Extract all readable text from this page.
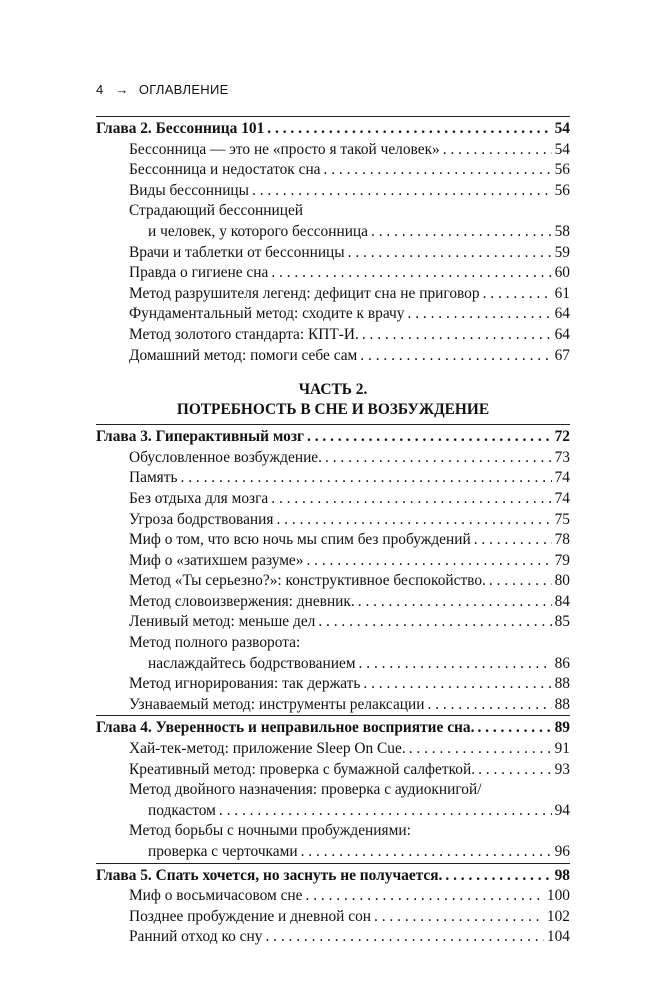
4 → ОГЛАВЛЕНИЕ
Глава 2. Бессонница 101 . . .	54
Бессонница — это не «просто я такой человек» . . .	54
Бессонница и недостаток сна . . .	56
Виды бессонницы . . .	56
Страдающий бессонницей
и человек, у которого бессонница . . .	58
Врачи и таблетки от бессонницы . . .	59
Правда о гигиене сна . . .	60
Метод разрушителя легенд: дефицит сна не приговор . . .	61
Фундаментальный метод: сходите к врачу . . .	64
Метод золотого стандарта: КПТ-И. . . .	64
Домашний метод: помоги себе сам . . .	67
ЧАСТЬ 2.
ПОТРЕБНОСТЬ В СНЕ И ВОЗБУЖДЕНИЕ
Глава 3. Гиперактивный мозг . . .	72
Обусловленное возбуждение. . . .	73
Память . . .	74
Без отдыха для мозга . . .	74
Угроза бодрствования . . .	75
Миф о том, что всю ночь мы спим без пробуждений . . .	78
Миф о «затихшем разуме» . . .	79
Метод «Ты серьезно?»: конструктивное беспокойство. . . .	80
Метод словоизвержения: дневник. . . .	84
Ленивый метод: меньше дел . . .	85
Метод полного разворота:
наслаждайтесь бодрствованием . . .	86
Метод игнорирования: так держать . . .	88
Узнаваемый метод: инструменты релаксации . . .	88
Глава 4. Уверенность и неправильное восприятие сна. . . .	89
Хай-тек-метод: приложение Sleep On Cue. . . .	91
Креативный метод: проверка с бумажной салфеткой. . . .	93
Метод двойного назначения: проверка с аудиокнигой/
подкастом . . .	94
Метод борьбы с ночными пробуждениями:
проверка с черточками . . .	96
Глава 5. Спать хочется, но заснуть не получается. . . .	98
Миф о восьмичасовом сне . . .	100
Позднее пробуждение и дневной сон . . .	102
Ранний отход ко сну . . .	104
